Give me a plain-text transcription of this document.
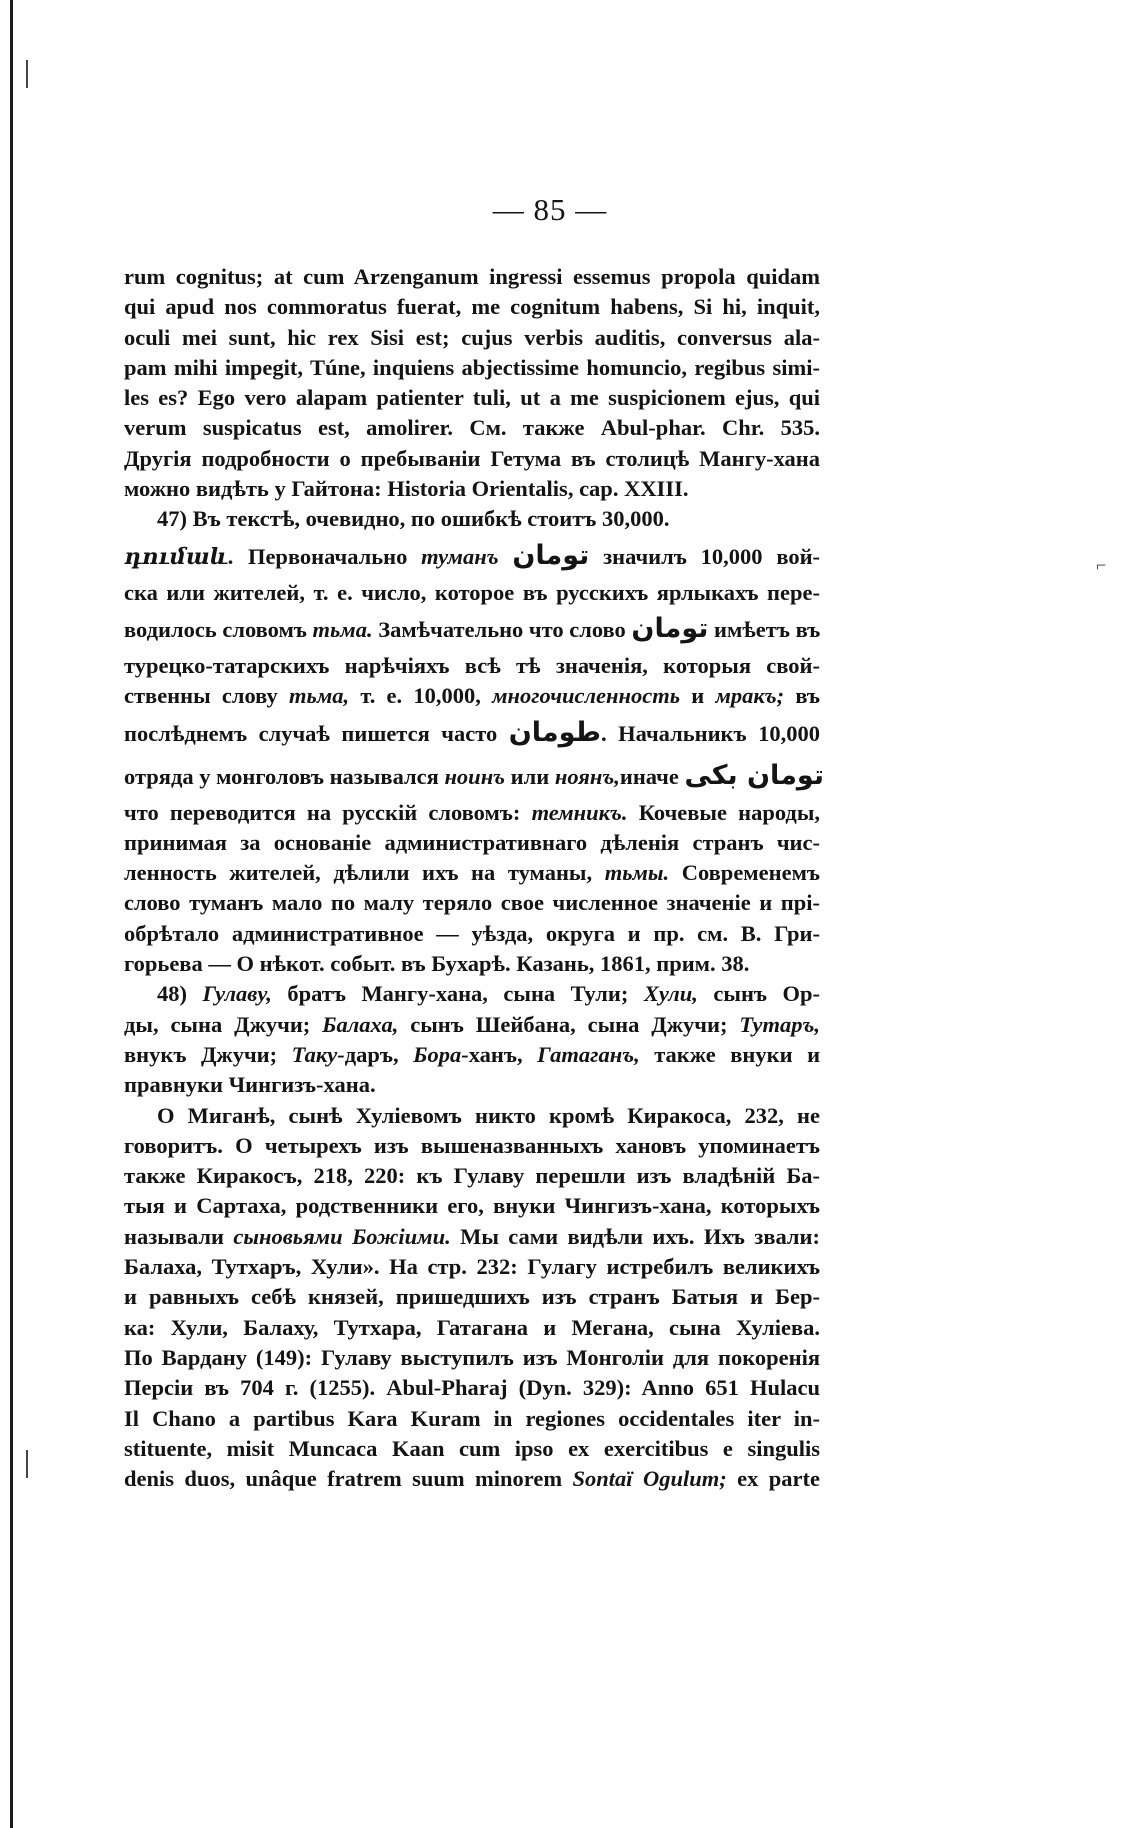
⌐
— 85 —
rum cognitus; at cum Arzenganum ingressi essemus propola quidam
qui apud nos commoratus fuerat, me cognitum habens, Si hi, inquit,
oculi mei sunt, hic rex Sisi est; cujus verbis auditis, conversus ala-
pam mihi impegit, Túne, inquiens abjectissime homuncio, regibus simi-
les es? Ego vero alapam patienter tuli, ut a me suspicionem ejus, qui
verum suspicatus est, amolirer. См. также Abul-phar. Chr. 535.
Другія подробности о пребываніи Гетума въ столицѣ Мангу-хана
можно видѣть у Гайтона: Historia Orientalis, cap. XXIII.
47) Въ текстѣ, очевидно, по ошибкѣ стоитъ 30,000.
դումաև. Первоначально туманъ تومان значилъ 10,000 вой-
ска или жителей, т. е. число, которое въ русскихъ ярлыкахъ пере-
водилось словомъ тьма. Замѣчательно что слово تومان имѣетъ въ
турецко-татарскихъ нарѣчіяхъ всѣ тѣ значенія, которыя свой-
ственны слову тьма, т. е. 10,000, многочисленность и мракъ; въ
послѣднемъ случаѣ пишется часто طومان. Начальникъ 10,000
отряда у монголовъ назывался ноинъ или ноянъ,иначе تومان بکی
что переводится на русскій словомъ: темникъ. Кочевые народы,
принимая за основаніе административнаго дѣленія странъ чис-
ленность жителей, дѣлили ихъ на туманы, тьмы. Современемъ
слово туманъ мало по малу теряло свое численное значеніе и прі-
обрѣтало административное — уѣзда, округа и пр. см. В. Гри-
горьева — О нѣкот. событ. въ Бухарѣ. Казань, 1861, прим. 38.
48) Гулаву, братъ Мангу-хана, сына Тули; Хули, сынъ Ор-
ды, сына Джучи; Балаха, сынъ Шейбана, сына Джучи; Тутаръ,
внукъ Джучи; Таку-даръ, Бора-ханъ, Гатаганъ, также внуки и
правнуки Чингизъ-хана.
О Миганѣ, сынѣ Хуліевомъ никто кромѣ Киракоса, 232, не
говоритъ. О четырехъ изъ вышеназванныхъ хановъ упоминаетъ
также Киракосъ, 218, 220: къ Гулаву перешли изъ владѣній Ба-
тыя и Сартаха, родственники его, внуки Чингизъ-хана, которыхъ
называли сыновьями Божіими. Мы сами видѣли ихъ. Ихъ звали:
Балаха, Тутхаръ, Хули». На стр. 232: Гулагу истребилъ великихъ
и равныхъ себѣ князей, пришедшихъ изъ странъ Батыя и Бер-
ка: Хули, Балаху, Тутхара, Гатагана и Мегана, сына Хуліева.
По Вардану (149): Гулаву выступилъ изъ Монголіи для покоренія
Персіи въ 704 г. (1255). Abul-Pharaj (Dyn. 329): Anno 651 Hulacu
Il Chano a partibus Kara Kuram in regiones occidentales iter in-
stituente, misit Muncaca Kaan cum ipso ex exercitibus e singulis
denis duos, unâque fratrem suum minorem Sontaï Ogulum; ex parte
